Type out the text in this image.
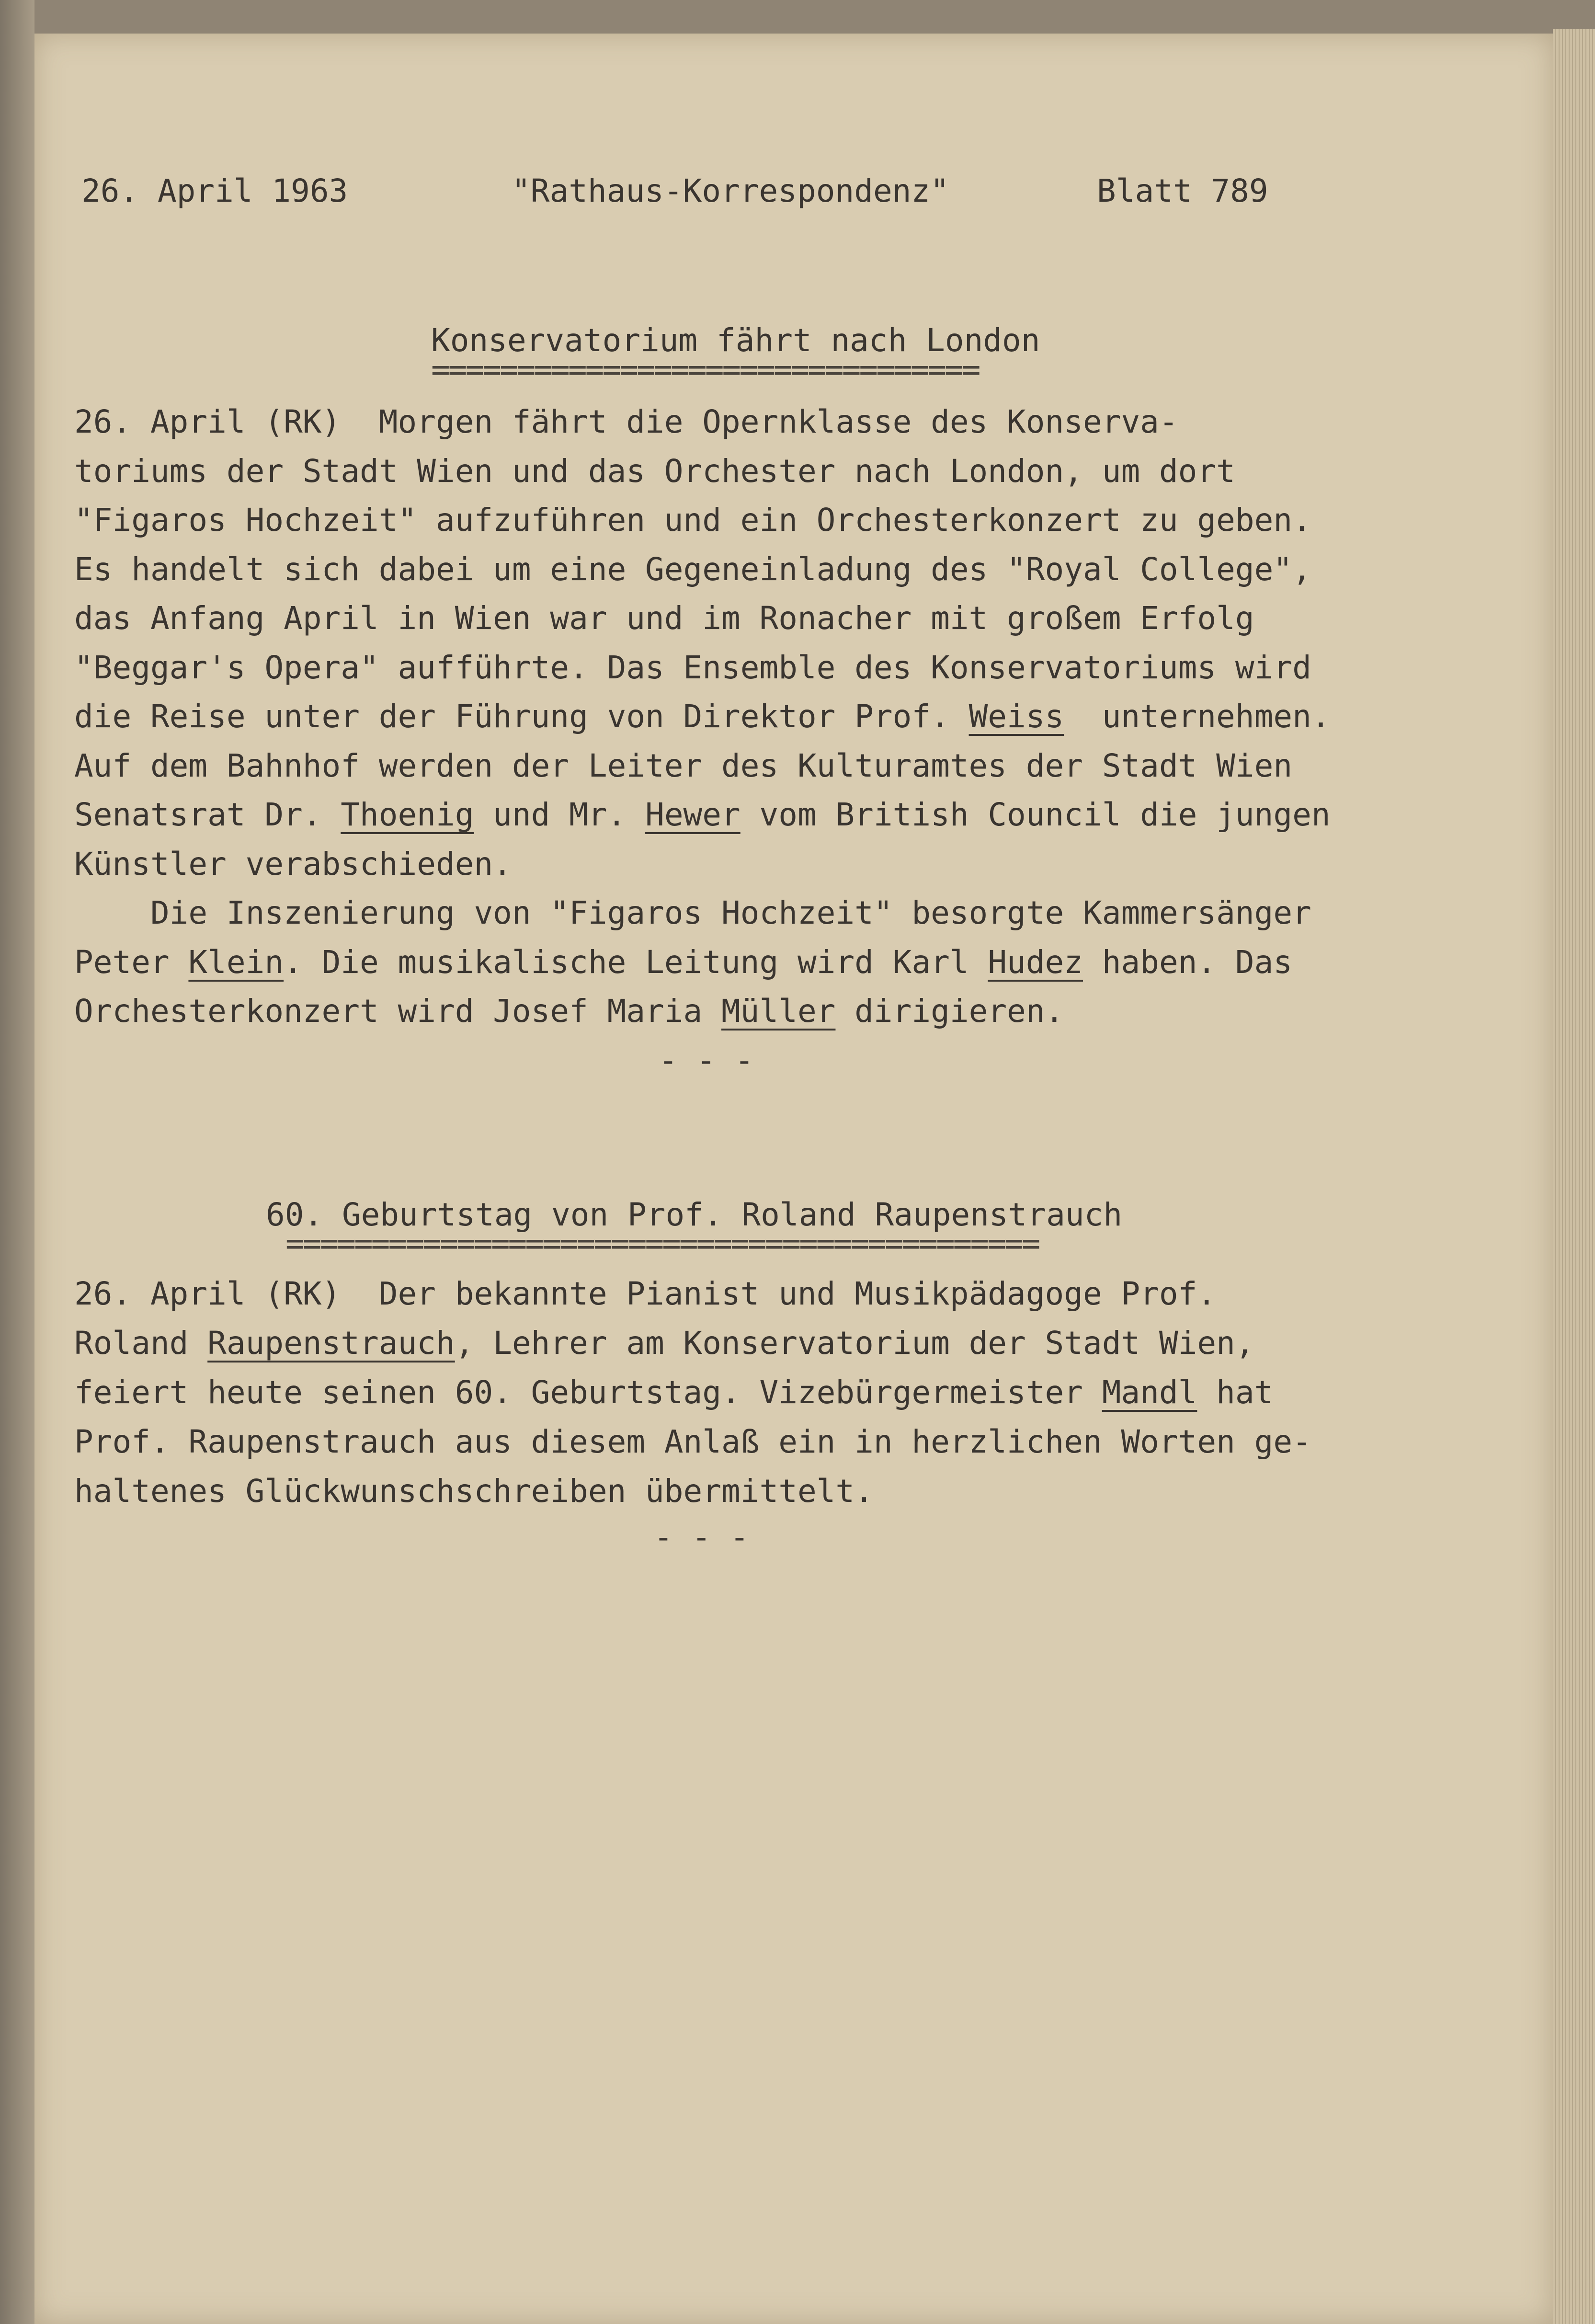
26. April 1963	"Rathaus-Korrespondenz"	Blatt 789
Konservatorium fährt nach London
================================
26. April (RK)  Morgen fährt die Opernklasse des Konserva-
toriums der Stadt Wien und das Orchester nach London, um dort
"Figaros Hochzeit" aufzuführen und ein Orchesterkonzert zu geben.
Es handelt sich dabei um eine Gegeneinladung des "Royal College",
das Anfang April in Wien war und im Ronacher mit großem Erfolg
"Beggar's Opera" aufführte. Das Ensemble des Konservatoriums wird
die Reise unter der Führung von Direktor Prof. Weiss  unternehmen.
Auf dem Bahnhof werden der Leiter des Kulturamtes der Stadt Wien
Senatsrat Dr. Thoenig und Mr. Hewer vom British Council die jungen
Künstler verabschieden.
Die Inszenierung von "Figaros Hochzeit" besorgte Kammersänger
Peter Klein. Die musikalische Leitung wird Karl Hudez haben. Das
Orchesterkonzert wird Josef Maria Müller dirigieren.
- - -
60. Geburtstag von Prof. Roland Raupenstrauch
============================================
26. April (RK)  Der bekannte Pianist und Musikpädagoge Prof.
Roland Raupenstrauch, Lehrer am Konservatorium der Stadt Wien,
feiert heute seinen 60. Geburtstag. Vizebürgermeister Mandl hat
Prof. Raupenstrauch aus diesem Anlaß ein in herzlichen Worten ge-
haltenes Glückwunschschreiben übermittelt.
- - -
